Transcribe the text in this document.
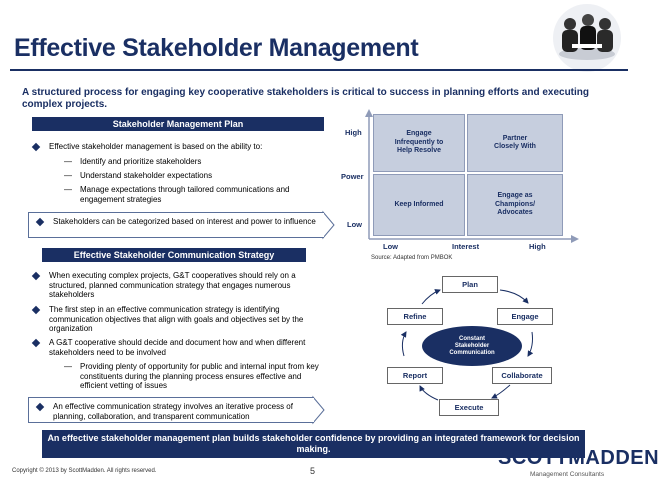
Effective Stakeholder Management
A structured process for engaging key cooperative stakeholders is critical to success in planning efforts and executing complex projects.
Stakeholder Management Plan
Effective stakeholder management is based on the ability to:
—	Identify and prioritize stakeholders
—	Understand stakeholder expectations
—	Manage expectations through tailored communications and engagement strategies
Stakeholders can be categorized based on interest and power to influence
High
Power
Low
Low	Interest	High
Engage Infrequently to Help Resolve
Partner Closely With
Keep Informed
Engage as Champions/ Advocates
Source: Adapted from PMBOK
Effective Stakeholder Communication Strategy
When executing complex projects, G&T cooperatives should rely on a structured, planned communication strategy that engages numerous stakeholders
The first step in an effective communication strategy is identifying communication objectives that align with goals and objectives set by the organization
A G&T cooperative should decide and document how and when different stakeholders need to be involved
—	Providing plenty of opportunity for public and internal input from key constituents during the planning process ensures effective and efficient vetting of issues
An effective communication strategy involves an iterative process of planning, collaboration, and transparent communication
Plan
Engage
Collaborate
Execute
Report
Refine
Constant Stakeholder Communication
An effective stakeholder management plan builds stakeholder confidence by providing an integrated framework for decision making.
Copyright © 2013 by ScottMadden. All rights reserved.	5
SCOTTMADDEN
Management Consultants
